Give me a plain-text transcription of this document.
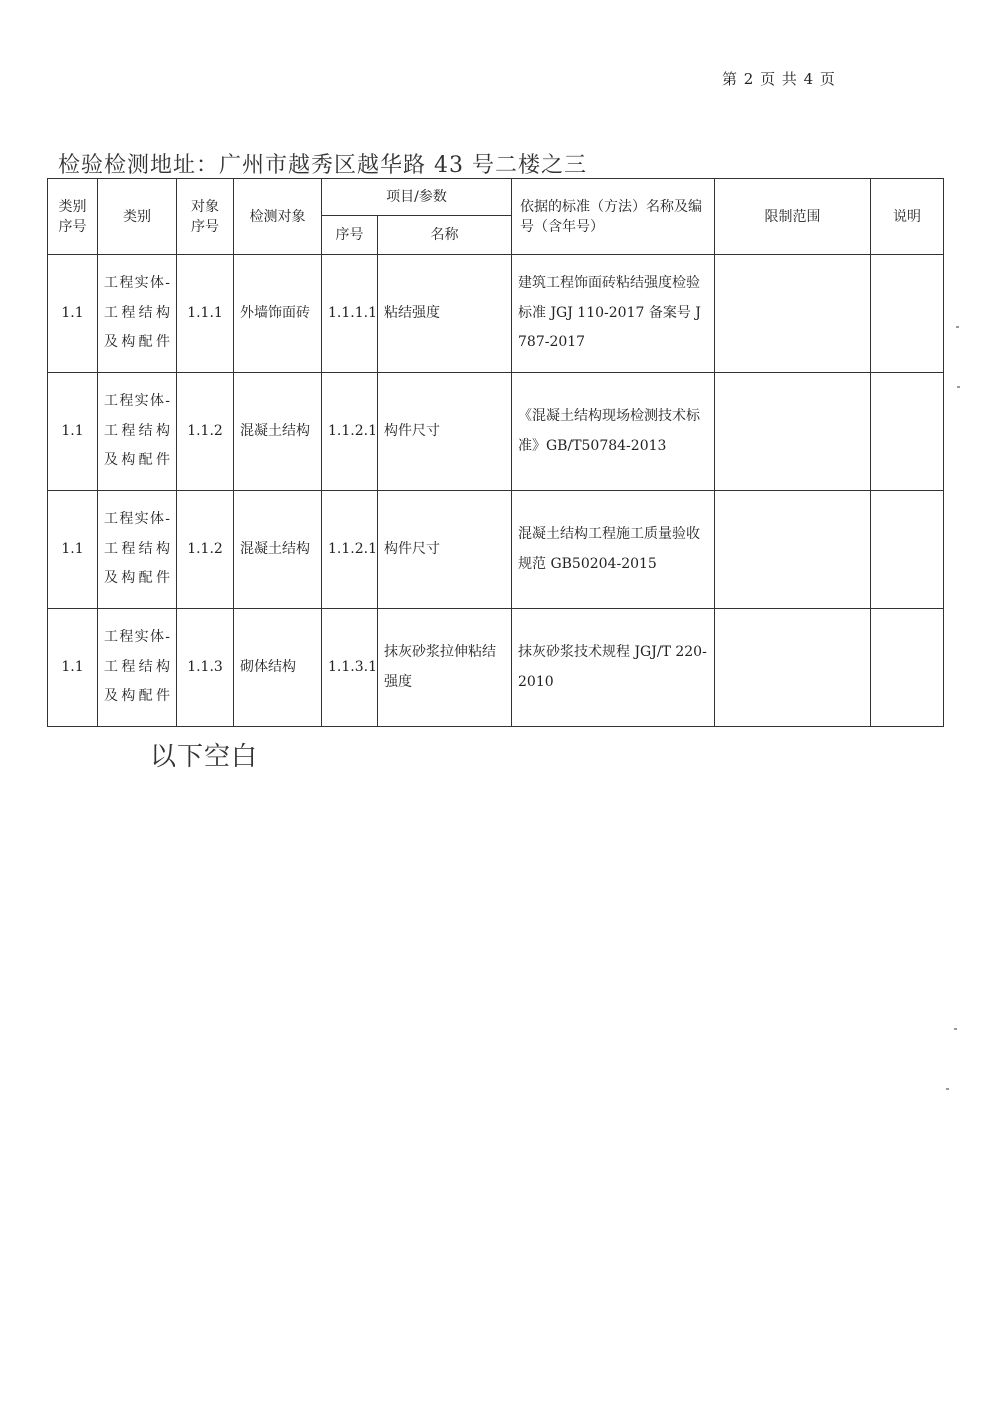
第 2 页 共 4 页
检验检测地址：广州市越秀区越华路 43 号二楼之三
类别序号	类别	对象序号	检测对象	项目/参数		依据的标准（方法）名称及编号（含年号）	限制范围	说明
				序号	名称			
1.1	工程实体-工程结构及构配件	1.1.1	外墙饰面砖	1.1.1.1	粘结强度	建筑工程饰面砖粘结强度检验标准 JGJ 110-2017 备案号 J 787-2017		
1.1	工程实体-工程结构及构配件	1.1.2	混凝土结构	1.1.2.1	构件尺寸	《混凝土结构现场检测技术标准》GB/T50784-2013		
1.1	工程实体-工程结构及构配件	1.1.2	混凝土结构	1.1.2.1	构件尺寸	混凝土结构工程施工质量验收规范 GB50204-2015		
1.1	工程实体-工程结构及构配件	1.1.3	砌体结构	1.1.3.1	抹灰砂浆拉伸粘结强度	抹灰砂浆技术规程 JGJ/T 220-2010		
以下空白
